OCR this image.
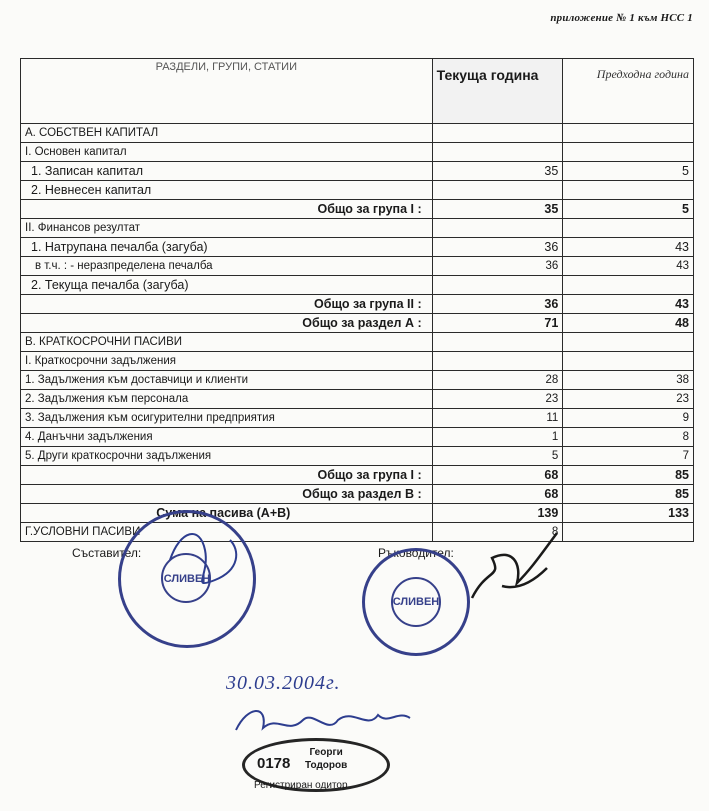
приложение № 1 към НСС 1
РАЗДЕЛИ, ГРУПИ, СТАТИИ	Текуща година	Предходна година
А. СОБСТВЕН КАПИТАЛ		
I. Основен капитал		
1. Записан капитал	35	5
2. Невнесен капитал		
Общо за група I :	35	5
II. Финансов резултат		
1. Натрупана печалба (загуба)	36	43
в т.ч. : - неразпределена печалба	36	43
2. Текуща печалба (загуба)		
Общо за група II :	36	43
Общо за раздел А :	71	48
В. КРАТКОСРОЧНИ ПАСИВИ		
I. Краткосрочни задължения		
1. Задължения към доставчици и клиенти	28	38
2. Задължения към персонала	23	23
3. Задължения към осигурителни предприятия	11	9
4. Данъчни задължения	1	8
5. Други краткосрочни задължения	5	7
Общо за група I :	68	85
Общо за раздел В :	68	85
Сума на пасива (А+В)	139	133
Г.УСЛОВНИ ПАСИВИ	8	
Съставител:	Ръководител:
СЛИВЕН
СЛИВЕН
30.03.2004г.
0178
Георги
Тодоров
Регистриран одитор
